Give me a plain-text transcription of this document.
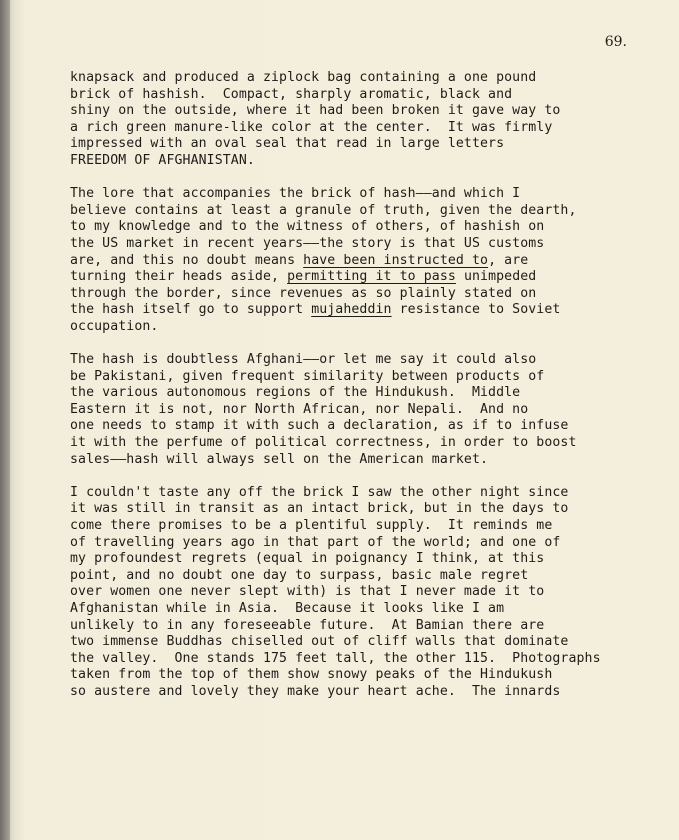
69.
knapsack and produced a ziplock bag containing a one pound
brick of hashish.  Compact, sharply aromatic, black and
shiny on the outside, where it had been broken it gave way to
a rich green manure-like color at the center.  It was firmly
impressed with an oval seal that read in large letters
FREEDOM OF AFGHANISTAN.
The lore that accompanies the brick of hash——and which I
believe contains at least a granule of truth, given the dearth,
to my knowledge and to the witness of others, of hashish on
the US market in recent years——the story is that US customs
are, and this no doubt means have been instructed to, are
turning their heads aside, permitting it to pass unimpeded
through the border, since revenues as so plainly stated on
the hash itself go to support mujaheddin resistance to Soviet
occupation.
The hash is doubtless Afghani——or let me say it could also
be Pakistani, given frequent similarity between products of
the various autonomous regions of the Hindukush.  Middle
Eastern it is not, nor North African, nor Nepali.  And no
one needs to stamp it with such a declaration, as if to infuse
it with the perfume of political correctness, in order to boost
sales——hash will always sell on the American market.
I couldn't taste any off the brick I saw the other night since
it was still in transit as an intact brick, but in the days to
come there promises to be a plentiful supply.  It reminds me
of travelling years ago in that part of the world; and one of
my profoundest regrets (equal in poignancy I think, at this
point, and no doubt one day to surpass, basic male regret
over women one never slept with) is that I never made it to
Afghanistan while in Asia.  Because it looks like I am
unlikely to in any foreseeable future.  At Bamian there are
two immense Buddhas chiselled out of cliff walls that dominate
the valley.  One stands 175 feet tall, the other 115.  Photographs
taken from the top of them show snowy peaks of the Hindukush
so austere and lovely they make your heart ache.  The innards
